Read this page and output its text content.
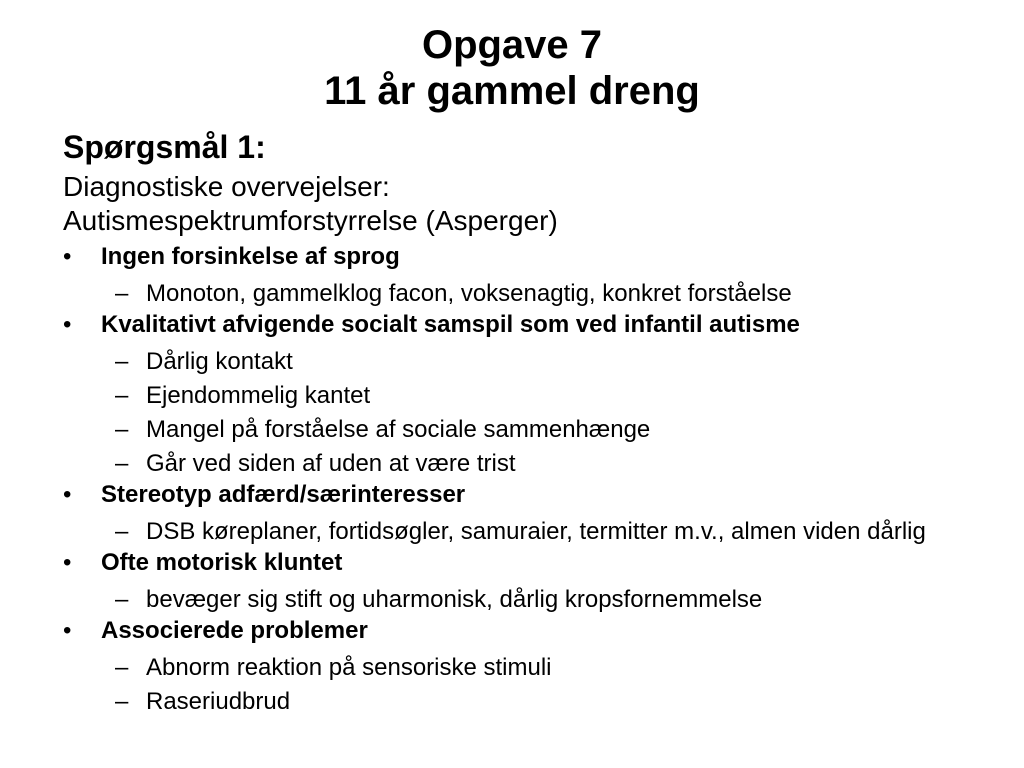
Opgave 7
11 år gammel dreng
Spørgsmål 1:
Diagnostiske overvejelser:
Autismespektrumforstyrrelse (Asperger)
• Ingen forsinkelse af sprog
– Monoton, gammelklog facon, voksenagtig, konkret forståelse
• Kvalitativt afvigende socialt samspil som ved infantil autisme
– Dårlig kontakt
– Ejendommelig kantet
– Mangel på forståelse af sociale sammenhænge
– Går ved siden af uden at være trist
• Stereotyp adfærd/særinteresser
– DSB køreplaner, fortidsøgler, samuraier, termitter m.v., almen viden dårlig
• Ofte motorisk kluntet
– bevæger sig stift og uharmonisk, dårlig kropsfornemmelse
• Associerede problemer
– Abnorm reaktion på sensoriske stimuli
– Raseriudbrud
